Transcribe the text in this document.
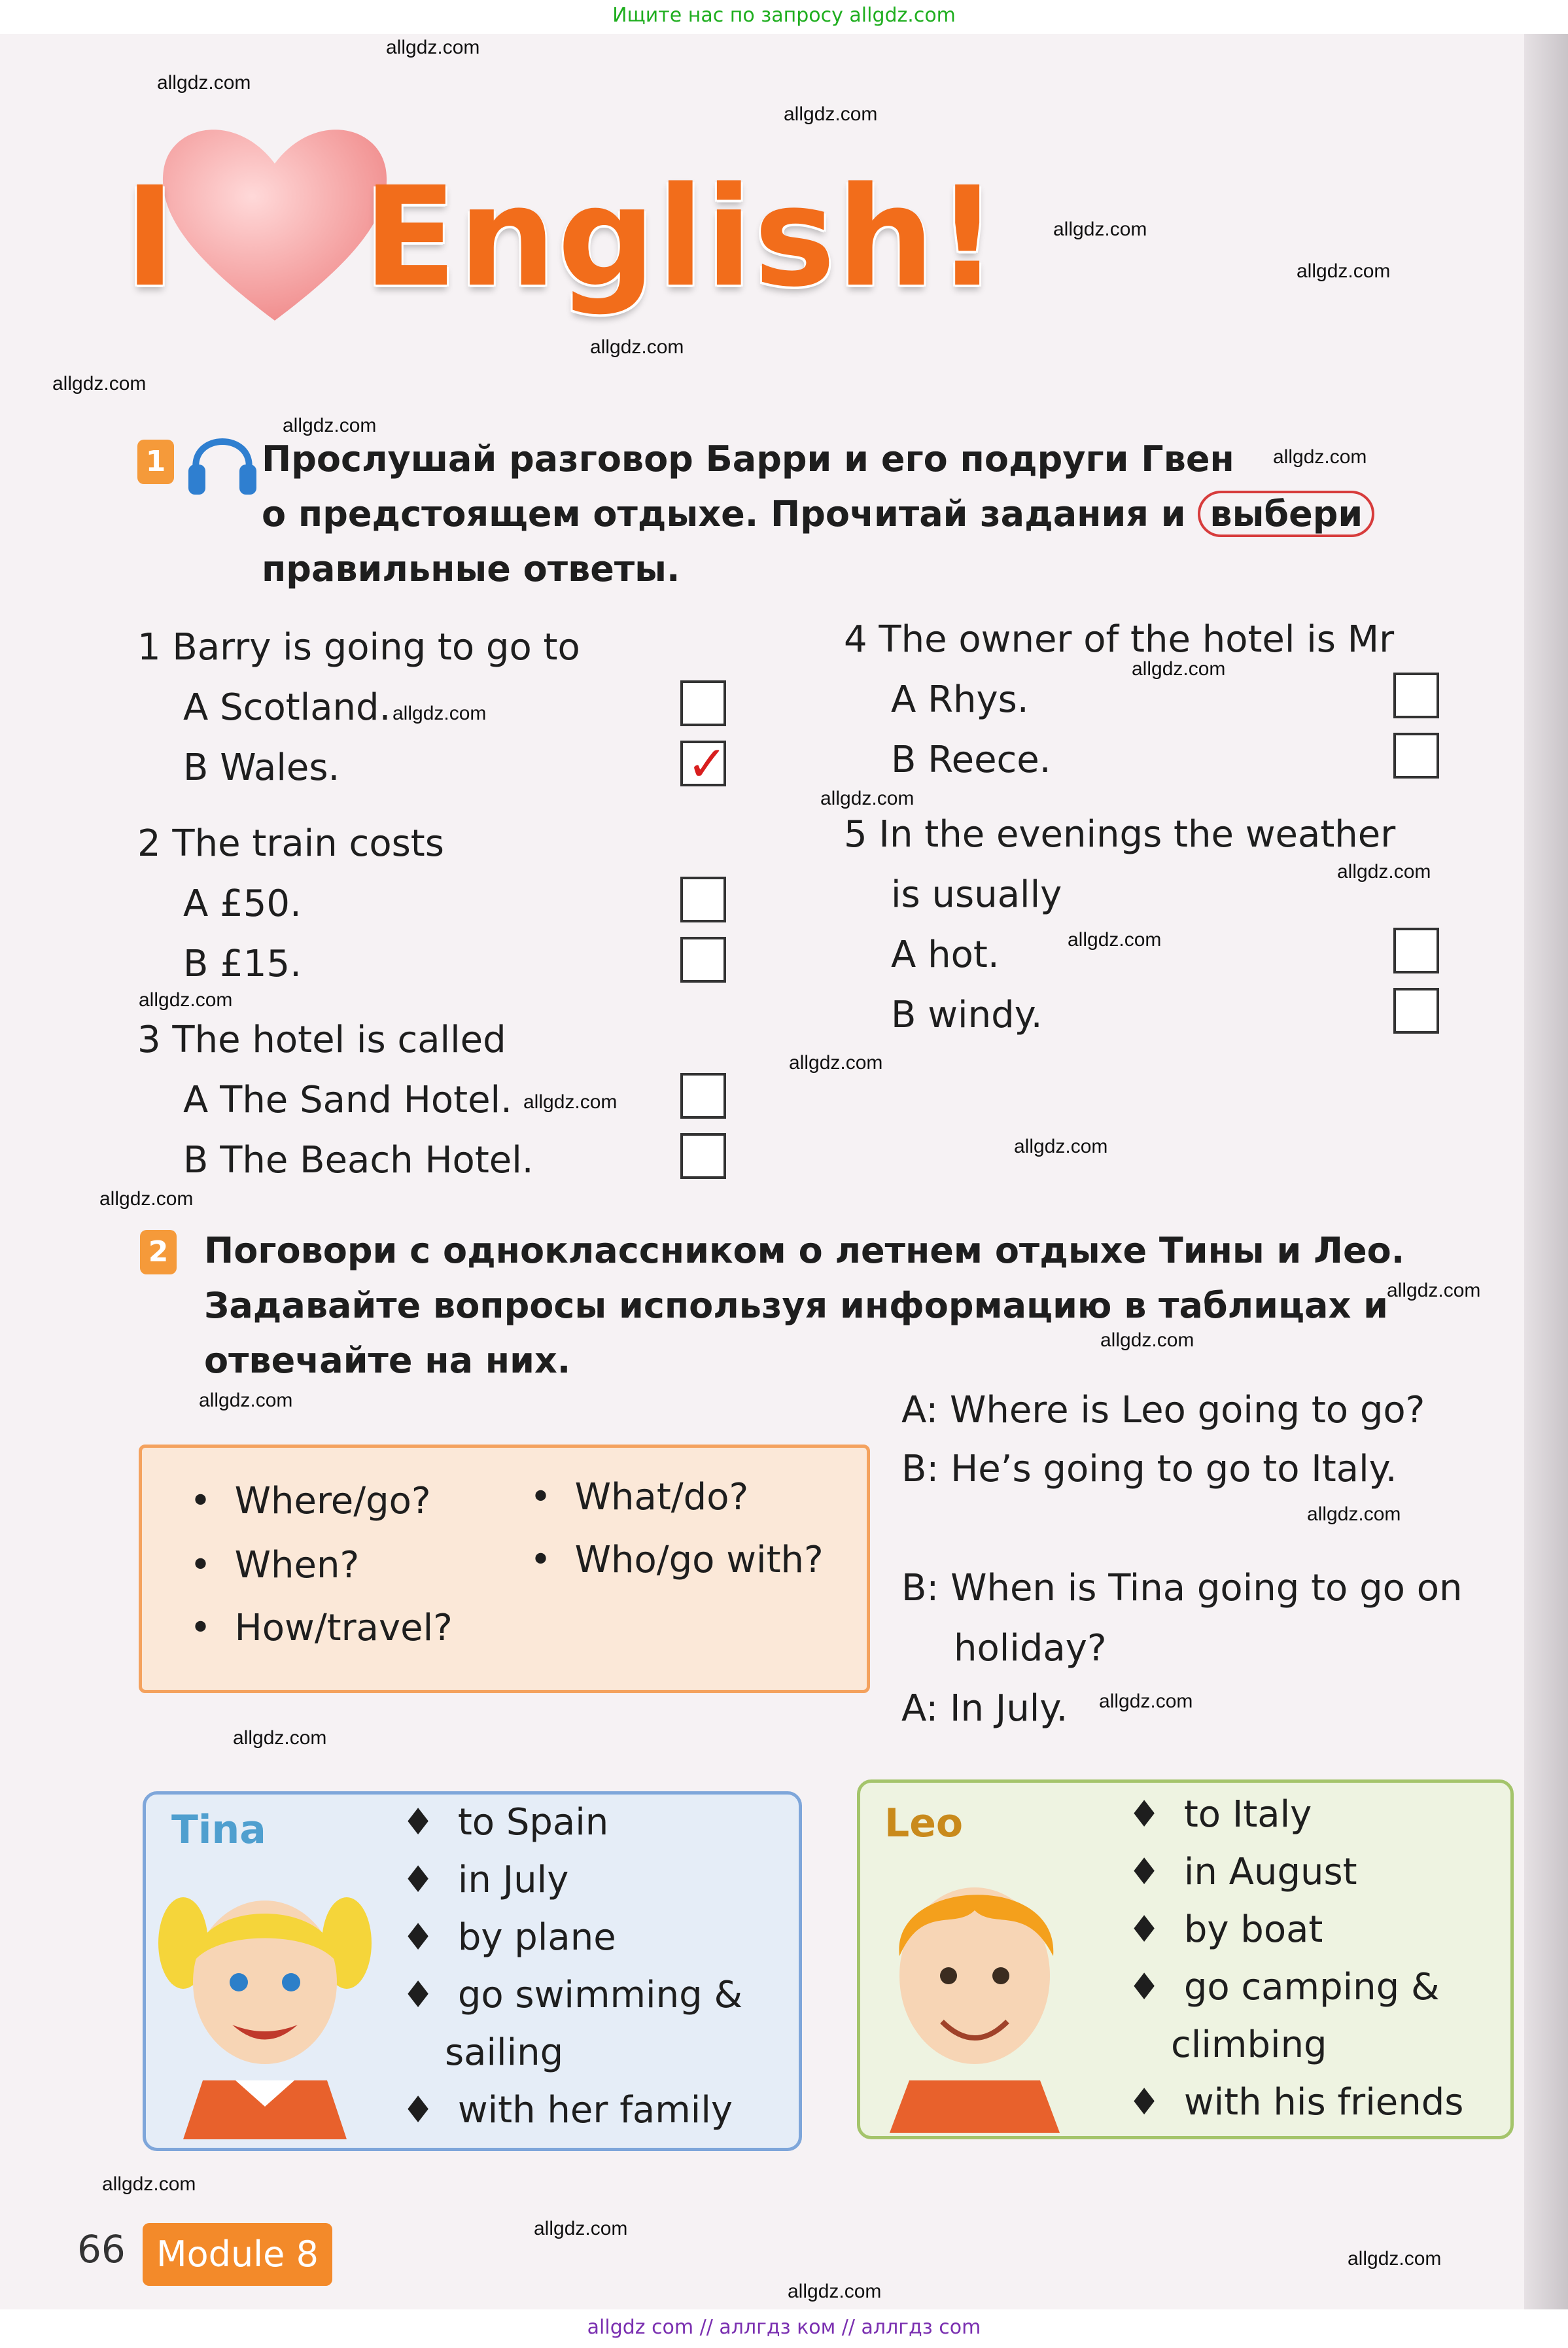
Ищите нас по запросу allgdz.com
allgdz.com
allgdz.com
allgdz.com
allgdz.com
allgdz.com
allgdz.com
allgdz.com
allgdz.com
allgdz.com
allgdz.com
allgdz.com
allgdz.com
allgdz.com
allgdz.com
allgdz.com
allgdz.com
allgdz.com
allgdz.com
allgdz.com
allgdz.com
allgdz.com
allgdz.com
allgdz.com
allgdz.com
allgdz.com
allgdz.com
allgdz.com
allgdz.com
allgdz.com
I English!
1	Прослушай разговор Барри и его подруги Гвен
о предстоящем отдыхе. Прочитай задания и выбери
правильные ответы.
1 Barry is going to go to
A Scotland.
B Wales.	✓
2 The train costs
A £50.
B £15.
3 The hotel is called
A The Sand Hotel.
B The Beach Hotel.
4 The owner of the hotel is Mr
A Rhys.
B Reece.
5 In the evenings the weather
is usually
A hot.
B windy.
2 Поговори с одноклассником о летнем отдыхе Тины и Лео.
Задавайте вопросы используя информацию в таблицах и
отвечайте на них.
• Where/go?
• When?
• How/travel?
• What/do?
• Who/go with?
A: Where is Leo going to go?
B: He’s going to go to Italy.
B: When is Tina going to go on
holiday?
A: In July.
Tina	♦ to Spain
♦ in July
♦ by plane
♦ go swimming &
sailing
♦ with her family
Leo	♦ to Italy
♦ in August
♦ by boat
♦ go camping &
climbing
♦ with his friends
66 Module 8
allgdz com // аллгдз ком // аллгдз com
